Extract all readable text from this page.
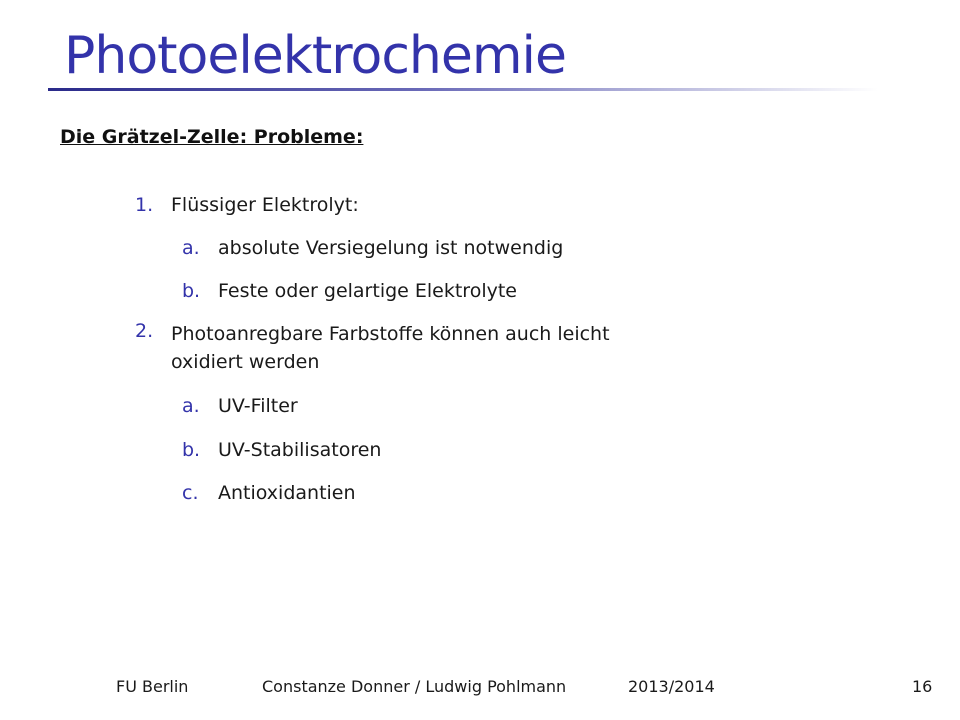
Photoelektrochemie
Die Grätzel-Zelle: Probleme:
1. Flüssiger Elektrolyt:
a. absolute Versiegelung ist notwendig
b. Feste oder gelartige Elektrolyte
2. Photoanregbare Farbstoffe können auch leicht
oxidiert werden
a. UV-Filter
b. UV-Stabilisatoren
c. Antioxidantien
FU Berlin	Constanze Donner / Ludwig Pohlmann	2013/2014	16
